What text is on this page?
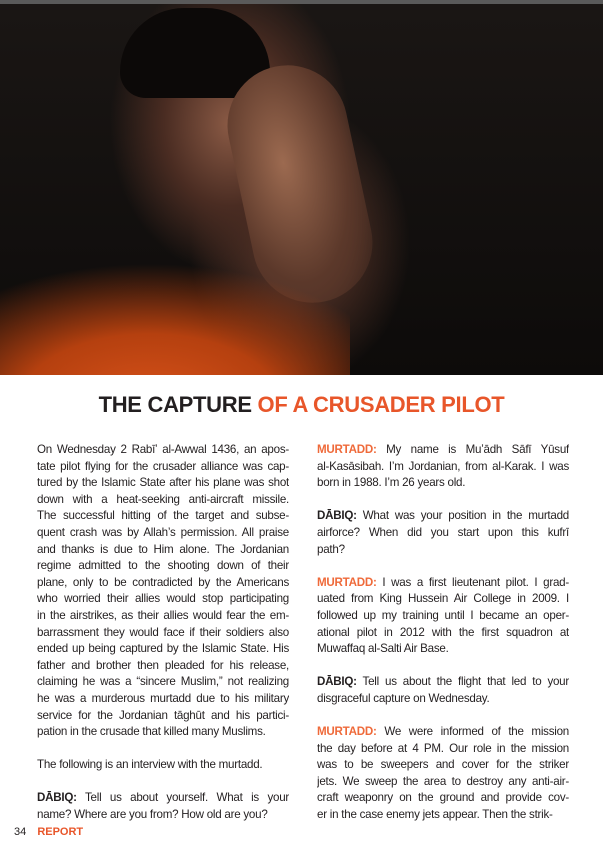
THE CAPTURE OF A CRUSADER PILOT
On Wednesday 2 Rabīʼ al-Awwal 1436, an apos-
tate pilot flying for the crusader alliance was cap-
tured by the Islamic State after his plane was shot
down with a heat-seeking anti-aircraft missile.
The successful hitting of the target and subse-
quent crash was by Allah’s permission. All praise
and thanks is due to Him alone. The Jordanian
regime admitted to the shooting down of their
plane, only to be contradicted by the Americans
who worried their allies would stop participating
in the airstrikes, as their allies would fear the em-
barrassment they would face if their soldiers also
ended up being captured by the Islamic State. His
father and brother then pleaded for his release,
claiming he was a “sincere Muslim,” not realizing
he was a murderous murtadd due to his military
service for the Jordanian tāghūt and his partici-
pation in the crusade that killed many Muslims.
The following is an interview with the murtadd.
DĀBIQ: Tell us about yourself. What is your
name? Where are you from? How old are you?
MURTADD: My name is Muʼādh Sāfī Yūsuf
al-Kasāsibah. I’m Jordanian, from al-Karak. I was
born in 1988. I’m 26 years old.
DĀBIQ: What was your position in the murtadd
airforce? When did you start upon this kufrī
path?
MURTADD: I was a first lieutenant pilot. I grad-
uated from King Hussein Air College in 2009. I
followed up my training until I became an oper-
ational pilot in 2012 with the first squadron at
Muwaffaq al-Salti Air Base.
DĀBIQ: Tell us about the flight that led to your
disgraceful capture on Wednesday.
MURTADD: We were informed of the mission
the day before at 4 PM. Our role in the mission
was to be sweepers and cover for the striker
jets. We sweep the area to destroy any anti-air-
craft weaponry on the ground and provide cov-
er in the case enemy jets appear. Then the strik-
34 REPORT
